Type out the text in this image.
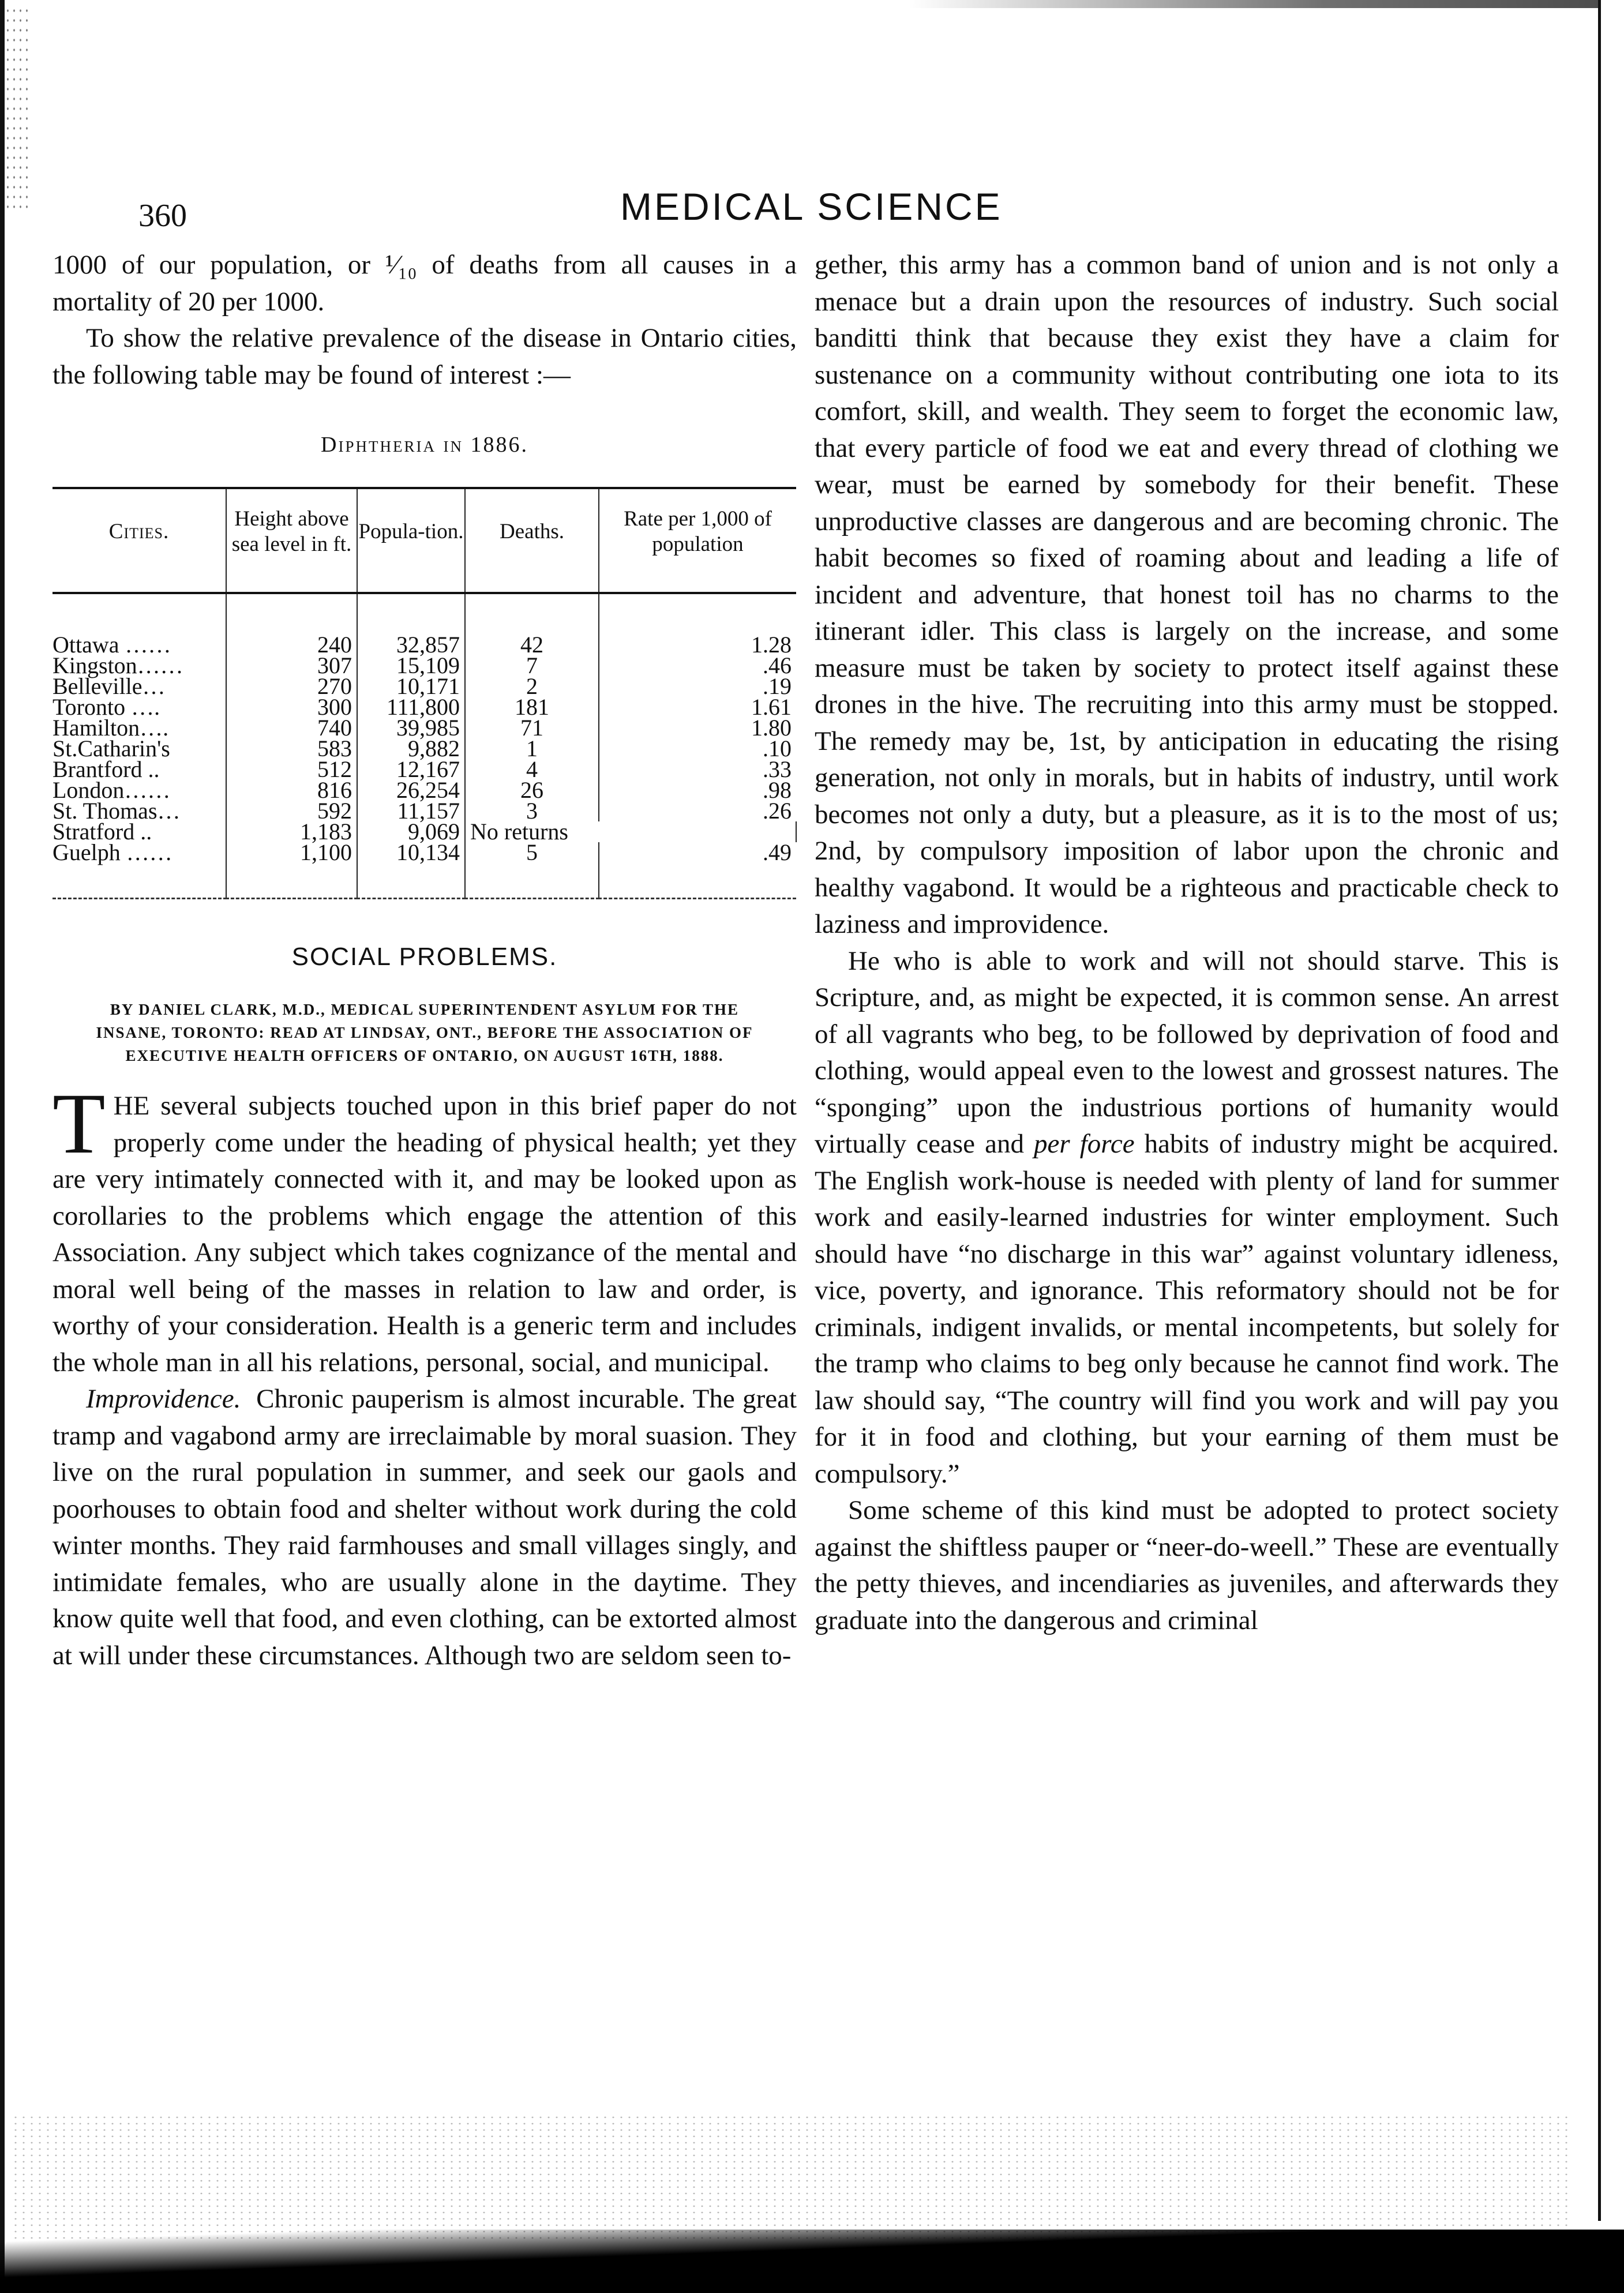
360	MEDICAL SCIENCE

1000 of our population, or ¹⁄₁₀ of deaths from all causes in a mortality of 20 per 1000.

To show the relative prevalence of the disease in Ontario cities, the following table may be found of interest :—

Diphtheria in 1886.
Cities.	Height above sea level in ft.	Popula-tion.	Deaths.	Rate per 1,000 of population
Ottawa ……	240	32,857	42	1.28
Kingston……	307	15,109	7	.46
Belleville…	270	10,171	2	.19
Toronto ….	300	111,800	181	1.61
Hamilton….	740	39,985	71	1.80
St.Catharin's	583	9,882	1	.10
Brantford ..	512	12,167	4	.33
London……	816	26,254	26	.98
St. Thomas…	592	11,157	3	.26
Stratford ..	1,183	9,069	No returns	
Guelph ……	1,100	10,134	5	.49

SOCIAL PROBLEMS.
BY DANIEL CLARK, M.D., MEDICAL SUPERINTENDENT ASYLUM FOR THE INSANE, TORONTO: READ AT LINDSAY, ONT., BEFORE THE ASSOCIATION OF EXECUTIVE HEALTH OFFICERS OF ONTARIO, ON AUGUST 16TH, 1888.

THE several subjects touched upon in this brief paper do not properly come under the heading of physical health; yet they are very intimately connected with it, and may be looked upon as corollaries to the problems which engage the attention of this Association. Any subject which takes cognizance of the mental and moral well being of the masses in relation to law and order, is worthy of your consideration. Health is a generic term and includes the whole man in all his relations, personal, social, and municipal.

Improvidence. Chronic pauperism is almost incurable. The great tramp and vagabond army are irreclaimable by moral suasion. They live on the rural population in summer, and seek our gaols and poorhouses to obtain food and shelter without work during the cold winter months. They raid farmhouses and small villages singly, and intimidate females, who are usually alone in the daytime. They know quite well that food, and even clothing, can be extorted almost at will under these circumstances. Although two are seldom seen to-

gether, this army has a common band of union and is not only a menace but a drain upon the resources of industry. Such social banditti think that because they exist they have a claim for sustenance on a community without contributing one iota to its comfort, skill, and wealth. They seem to forget the economic law, that every particle of food we eat and every thread of clothing we wear, must be earned by somebody for their benefit. These unproductive classes are dangerous and are becoming chronic. The habit becomes so fixed of roaming about and leading a life of incident and adventure, that honest toil has no charms to the itinerant idler. This class is largely on the increase, and some measure must be taken by society to protect itself against these drones in the hive. The recruiting into this army must be stopped. The remedy may be, 1st, by anticipation in educating the rising generation, not only in morals, but in habits of industry, until work becomes not only a duty, but a pleasure, as it is to the most of us; 2nd, by compulsory imposition of labor upon the chronic and healthy vagabond. It would be a righteous and practicable check to laziness and improvidence.

He who is able to work and will not should starve. This is Scripture, and, as might be expected, it is common sense. An arrest of all vagrants who beg, to be followed by deprivation of food and clothing, would appeal even to the lowest and grossest natures. The “sponging” upon the industrious portions of humanity would virtually cease and per force habits of industry might be acquired. The English work-house is needed with plenty of land for summer work and easily-learned industries for winter employment. Such should have “no discharge in this war” against voluntary idleness, vice, poverty, and ignorance. This reformatory should not be for criminals, indigent invalids, or mental incompetents, but solely for the tramp who claims to beg only because he cannot find work. The law should say, “The country will find you work and will pay you for it in food and clothing, but your earning of them must be compulsory.”

Some scheme of this kind must be adopted to protect society against the shiftless pauper or “neer-do-weell.” These are eventually the petty thieves, and incendiaries as juveniles, and afterwards they graduate into the dangerous and criminal
